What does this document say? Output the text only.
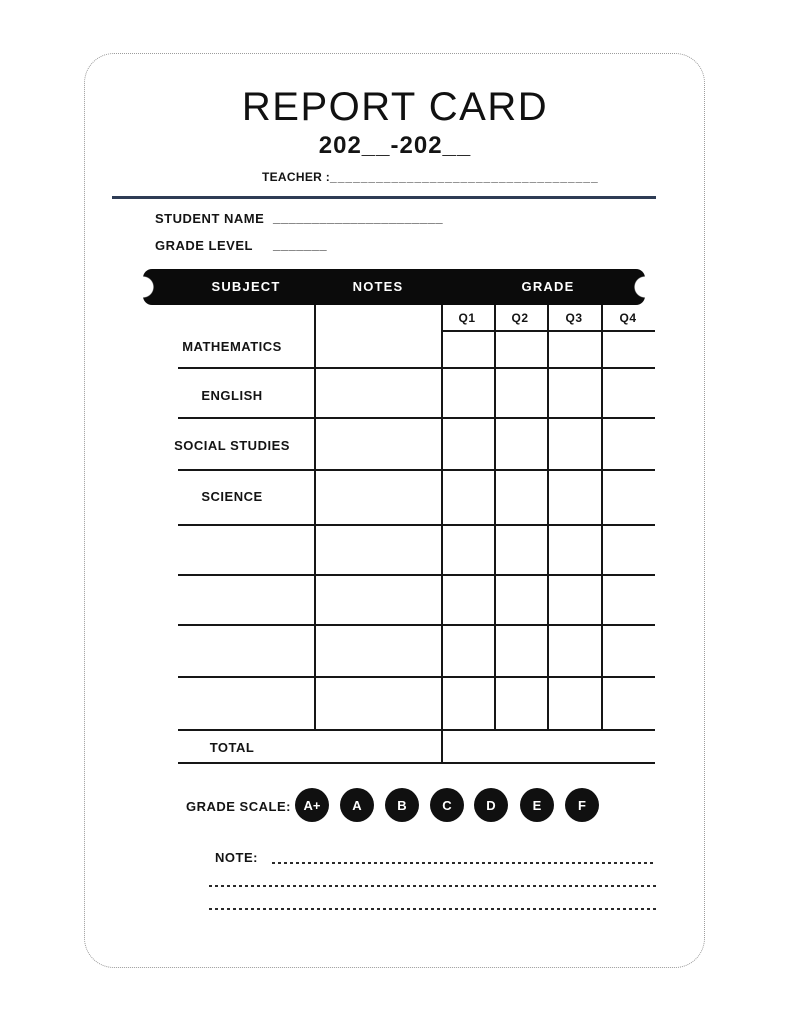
REPORT CARD
202__-202__
TEACHER :___________________________________
STUDENT NAME ______________________
GRADE LEVEL _______
SUBJECT	NOTES	GRADE
Q1	Q2	Q3	Q4
MATHEMATICS
ENGLISH
SOCIAL STUDIES
SCIENCE
TOTAL
GRADE SCALE: A+ A	B	C	D	E	F
NOTE:
